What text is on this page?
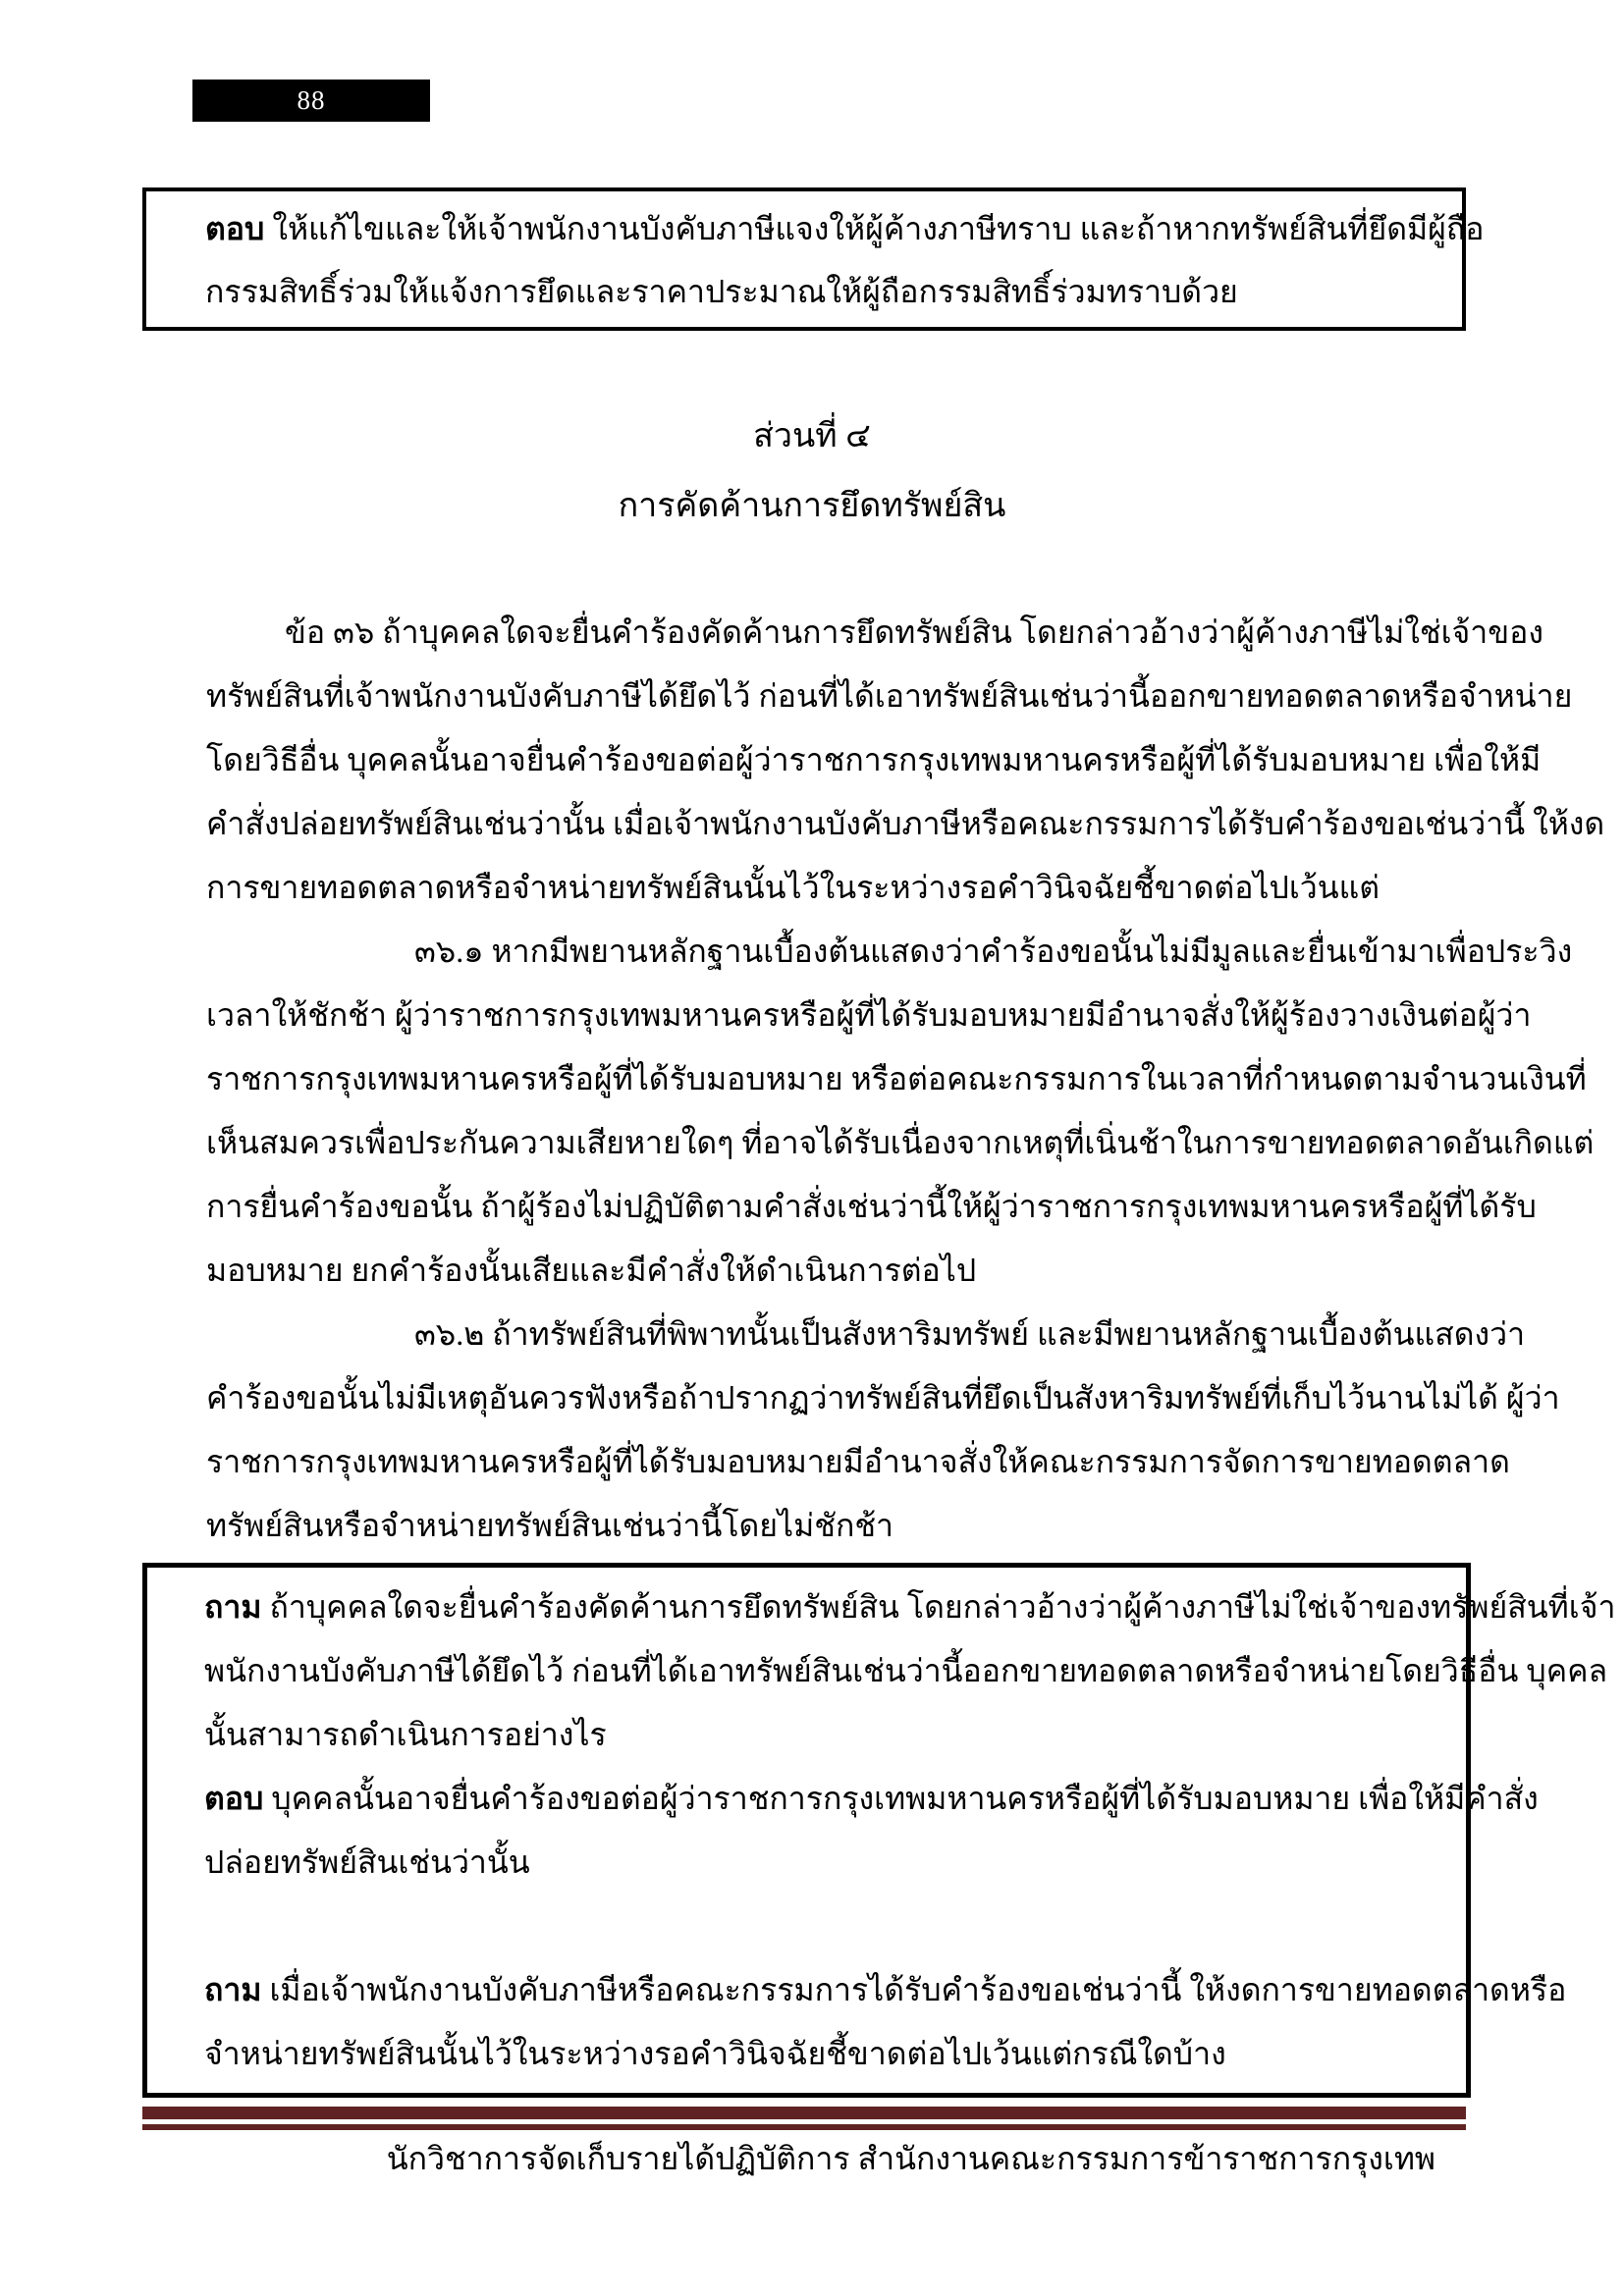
88
ตอบ ให้แก้ไขและให้เจ้าพนักงานบังคับภาษีแจงให้ผู้ค้างภาษีทราบ และถ้าหากทรัพย์สินที่ยึดมีผู้ถือ
กรรมสิทธิ์ร่วมให้แจ้งการยึดและราคาประมาณให้ผู้ถือกรรมสิทธิ์ร่วมทราบด้วย
ส่วนที่ ๔
การคัดค้านการยึดทรัพย์สิน
ข้อ ๓๖ ถ้าบุคคลใดจะยื่นคำร้องคัดค้านการยึดทรัพย์สิน โดยกล่าวอ้างว่าผู้ค้างภาษีไม่ใช่เจ้าของ
ทรัพย์สินที่เจ้าพนักงานบังคับภาษีได้ยึดไว้ ก่อนที่ได้เอาทรัพย์สินเช่นว่านี้ออกขายทอดตลาดหรือจำหน่าย
โดยวิธีอื่น บุคคลนั้นอาจยื่นคำร้องขอต่อผู้ว่าราชการกรุงเทพมหานครหรือผู้ที่ได้รับมอบหมาย เพื่อให้มี
คำสั่งปล่อยทรัพย์สินเช่นว่านั้น เมื่อเจ้าพนักงานบังคับภาษีหรือคณะกรรมการได้รับคำร้องขอเช่นว่านี้ ให้งด
การขายทอดตลาดหรือจำหน่ายทรัพย์สินนั้นไว้ในระหว่างรอคำวินิจฉัยชี้ขาดต่อไปเว้นแต่
๓๖.๑ หากมีพยานหลักฐานเบื้องต้นแสดงว่าคำร้องขอนั้นไม่มีมูลและยื่นเข้ามาเพื่อประวิง
เวลาให้ชักช้า ผู้ว่าราชการกรุงเทพมหานครหรือผู้ที่ได้รับมอบหมายมีอำนาจสั่งให้ผู้ร้องวางเงินต่อผู้ว่า
ราชการกรุงเทพมหานครหรือผู้ที่ได้รับมอบหมาย หรือต่อคณะกรรมการในเวลาที่กำหนดตามจำนวนเงินที่
เห็นสมควรเพื่อประกันความเสียหายใดๆ ที่อาจได้รับเนื่องจากเหตุที่เนิ่นช้าในการขายทอดตลาดอันเกิดแต่
การยื่นคำร้องขอนั้น ถ้าผู้ร้องไม่ปฏิบัติตามคำสั่งเช่นว่านี้ให้ผู้ว่าราชการกรุงเทพมหานครหรือผู้ที่ได้รับ
มอบหมาย ยกคำร้องนั้นเสียและมีคำสั่งให้ดำเนินการต่อไป
๓๖.๒ ถ้าทรัพย์สินที่พิพาทนั้นเป็นสังหาริมทรัพย์ และมีพยานหลักฐานเบื้องต้นแสดงว่า
คำร้องขอนั้นไม่มีเหตุอันควรฟังหรือถ้าปรากฏว่าทรัพย์สินที่ยึดเป็นสังหาริมทรัพย์ที่เก็บไว้นานไม่ได้ ผู้ว่า
ราชการกรุงเทพมหานครหรือผู้ที่ได้รับมอบหมายมีอำนาจสั่งให้คณะกรรมการจัดการขายทอดตลาด
ทรัพย์สินหรือจำหน่ายทรัพย์สินเช่นว่านี้โดยไม่ชักช้า
ถาม ถ้าบุคคลใดจะยื่นคำร้องคัดค้านการยึดทรัพย์สิน โดยกล่าวอ้างว่าผู้ค้างภาษีไม่ใช่เจ้าของทรัพย์สินที่เจ้า
พนักงานบังคับภาษีได้ยึดไว้ ก่อนที่ได้เอาทรัพย์สินเช่นว่านี้ออกขายทอดตลาดหรือจำหน่ายโดยวิธีอื่น บุคคล
นั้นสามารถดำเนินการอย่างไร
ตอบ บุคคลนั้นอาจยื่นคำร้องขอต่อผู้ว่าราชการกรุงเทพมหานครหรือผู้ที่ได้รับมอบหมาย เพื่อให้มีคำสั่ง
ปล่อยทรัพย์สินเช่นว่านั้น
ถาม เมื่อเจ้าพนักงานบังคับภาษีหรือคณะกรรมการได้รับคำร้องขอเช่นว่านี้ ให้งดการขายทอดตลาดหรือ
จำหน่ายทรัพย์สินนั้นไว้ในระหว่างรอคำวินิจฉัยชี้ขาดต่อไปเว้นแต่กรณีใดบ้าง
นักวิชาการจัดเก็บรายได้ปฏิบัติการ สำนักงานคณะกรรมการข้าราชการกรุงเทพ
